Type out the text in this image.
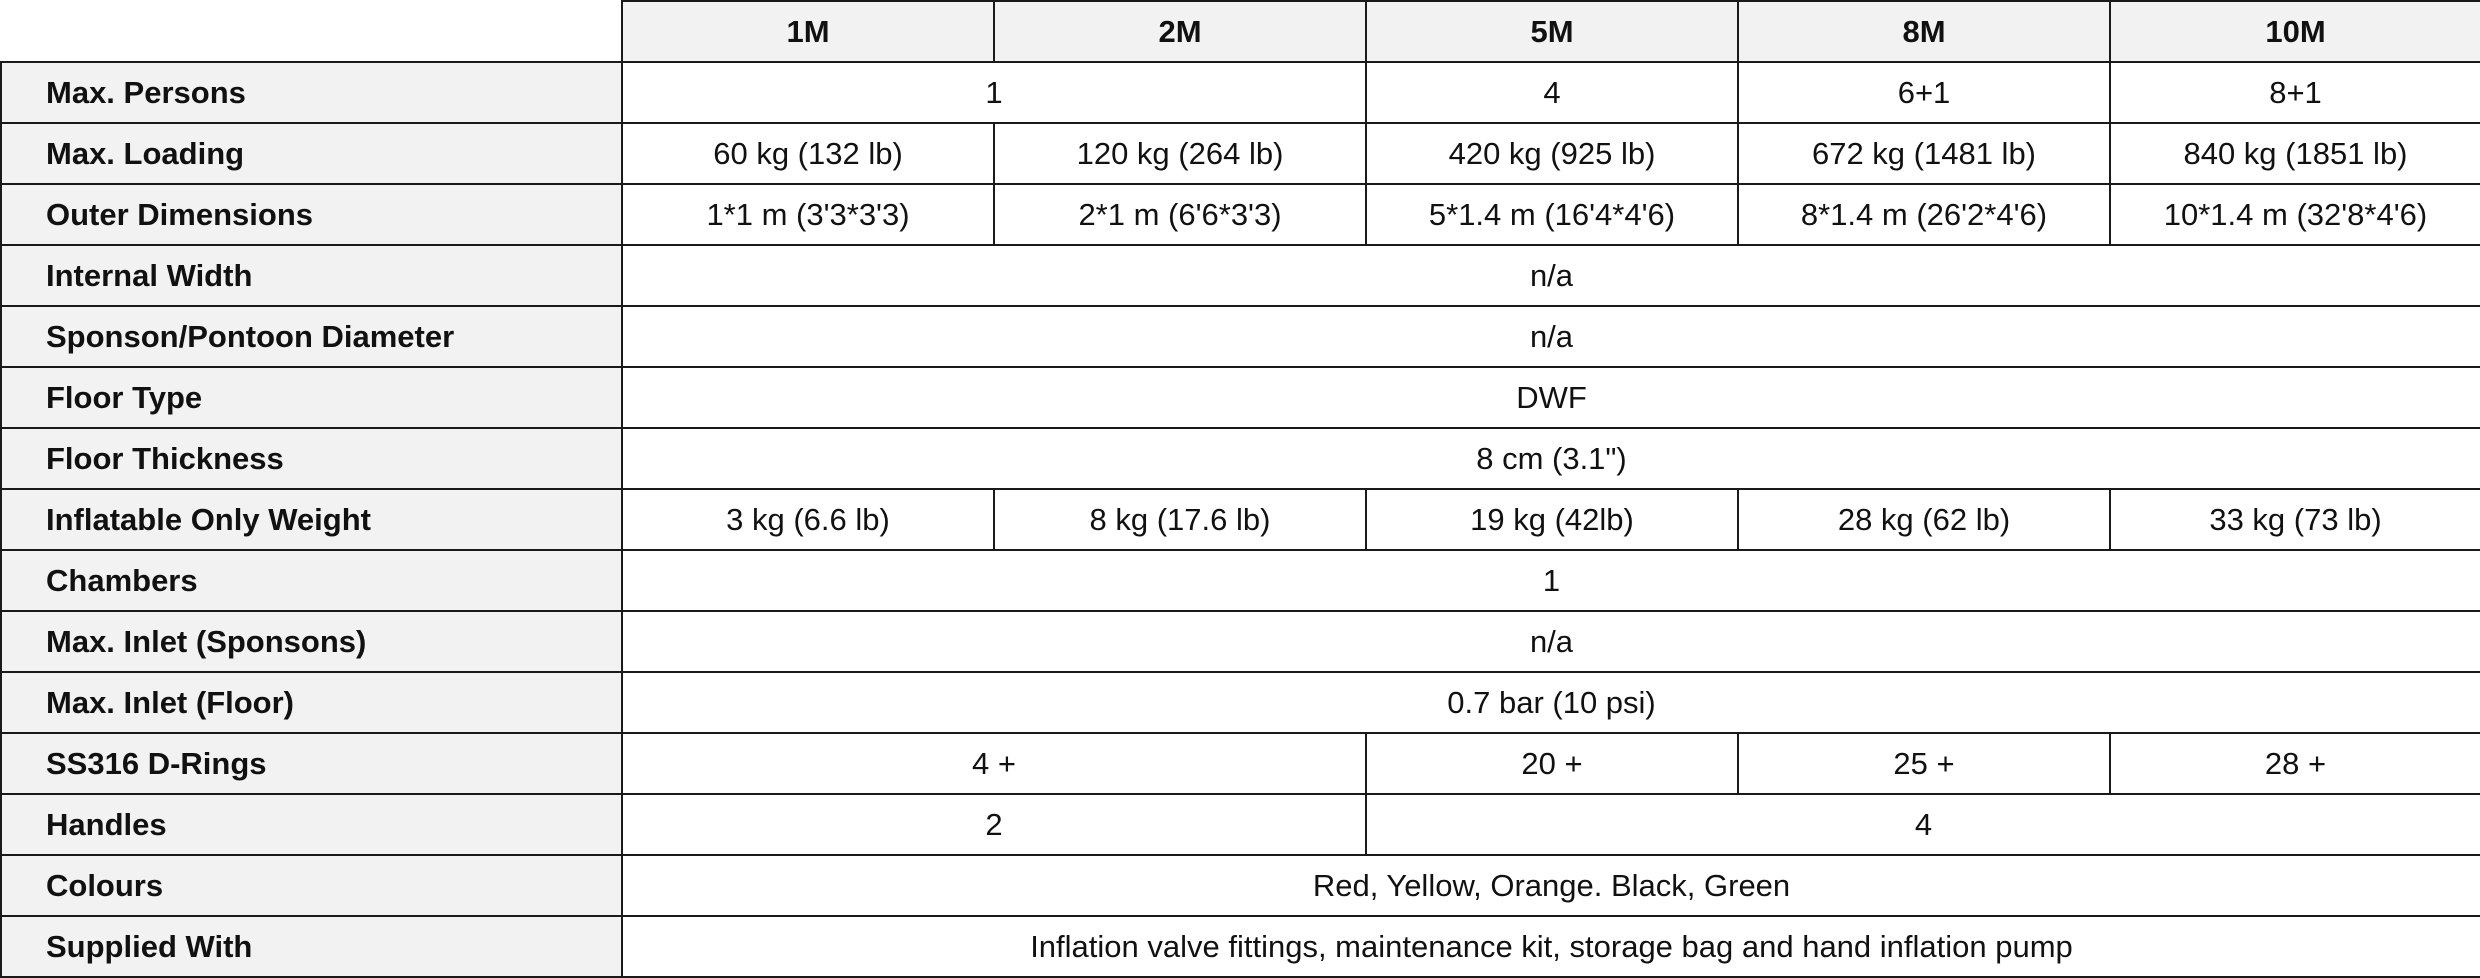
	1M	2M	5M	8M	10M
Max. Persons	1		4	6+1	8+1
Max. Loading	60 kg (132 lb)	120 kg (264 lb)	420 kg (925 lb)	672 kg (1481 lb)	840 kg (1851 lb)
Outer Dimensions	1*1 m (3'3*3'3)	2*1 m (6'6*3'3)	5*1.4 m (16'4*4'6)	8*1.4 m (26'2*4'6)	10*1.4 m (32'8*4'6)
Internal Width	n/a				
Sponson/Pontoon Diameter	n/a				
Floor Type	DWF				
Floor Thickness	8 cm (3.1")				
Inflatable Only Weight	3 kg (6.6 lb)	8 kg (17.6 lb)	19 kg (42lb)	28 kg (62 lb)	33 kg (73 lb)
Chambers	1				
Max. Inlet (Sponsons)	n/a				
Max. Inlet (Floor)	0.7 bar (10 psi)				
SS316 D-Rings	4 +		20 +	25 +	28 +
Handles	2		4		
Colours	Red, Yellow, Orange. Black, Green				
Supplied With	Inflation valve fittings, maintenance kit, storage bag and hand inflation pump				
